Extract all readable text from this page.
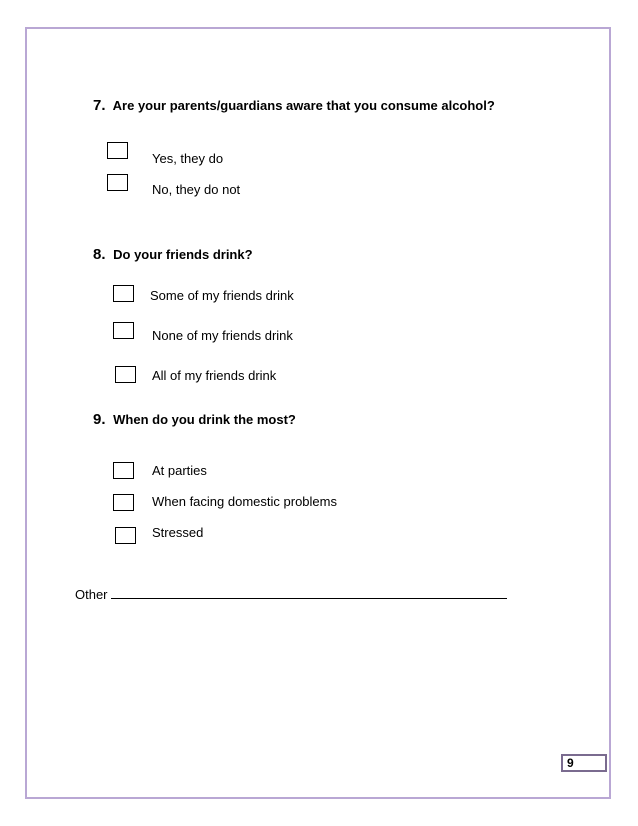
7. Are your parents/guardians aware that you consume alcohol?
Yes, they do
No, they do not
8. Do your friends drink?
Some of my friends drink
None of my friends drink
All of my friends drink
9. When do you drink the most?
At parties
When facing domestic problems
Stressed
Other
9
